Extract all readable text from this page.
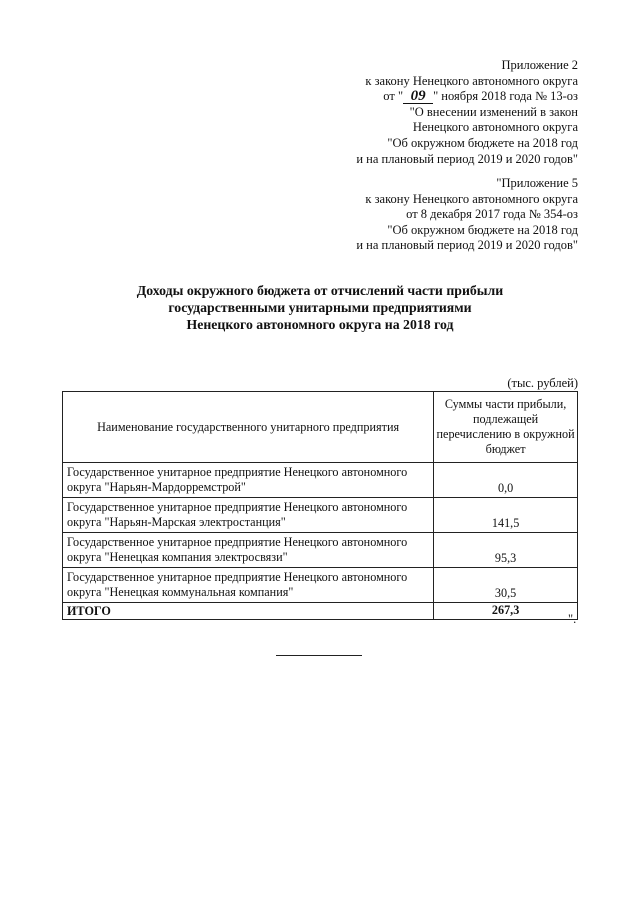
Приложение 2
к закону Ненецкого автономного округа
от " 09 " ноября 2018 года № 13-оз
"О внесении изменений в закон
Ненецкого автономного округа
"Об окружном бюджете на 2018 год
и на плановый период 2019 и 2020 годов"
"Приложение 5
к закону Ненецкого автономного округа
от 8 декабря 2017 года № 354-оз
"Об окружном бюджете на 2018 год
и на плановый период 2019 и 2020 годов"
Доходы окружного бюджета от отчислений части прибыли
государственными унитарными предприятиями
Ненецкого автономного округа на 2018 год
(тыс. рублей)
Наименование государственного унитарного предприятия	Суммы части прибыли, подлежащей перечислению в окружной бюджет
Государственное унитарное предприятие Ненецкого автономного округа "Нарьян-Мардорремстрой"	0,0
Государственное унитарное предприятие Ненецкого автономного округа "Нарьян-Марская электростанция"	141,5
Государственное унитарное предприятие Ненецкого автономного округа "Ненецкая компания электросвязи"	95,3
Государственное унитарное предприятие Ненецкого автономного округа "Ненецкая коммунальная компания"	30,5
ИТОГО	267,3
".
